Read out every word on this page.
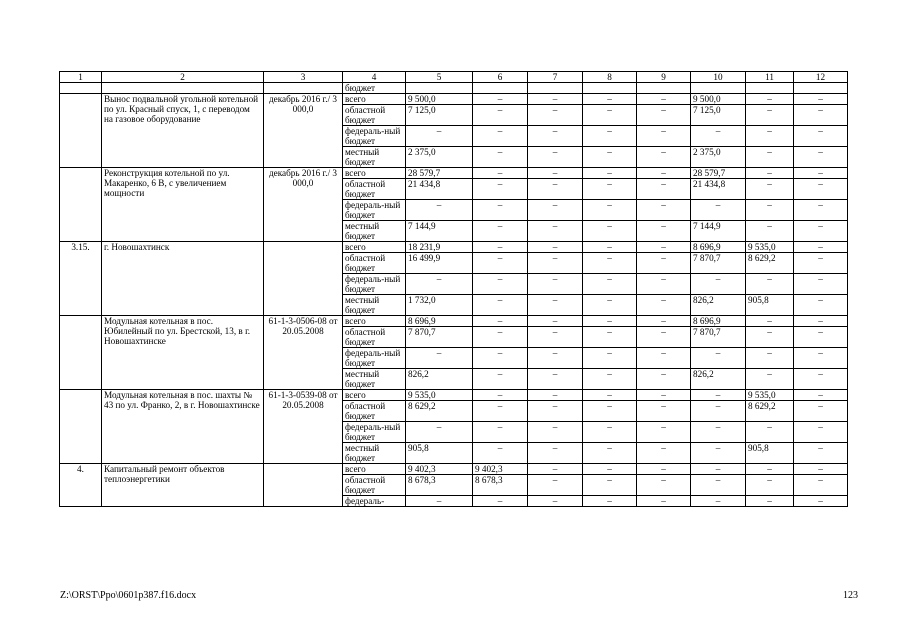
1	2	3	4	5	6	7	8	9	10	11	12
			бюджет								
	Вынос подвальной угольной котельной по ул. Красный спуск, 1, с переводом на газовое оборудование	декабрь 2016 г./ 3 000,0	всего	9 500,0	–	–	–	–	9 500,0	–	–
			областной бюджет	7 125,0	–	–	–	–	7 125,0	–	–
			федераль-ный бюджет	–	–	–	–	–	–	–	–
			местный бюджет	2 375,0	–	–	–	–	2 375,0	–	–
	Реконструкция котельной по ул. Макаренко, 6 В, с увеличением мощности	декабрь 2016 г./ 3 000,0	всего	28 579,7	–	–	–	–	28 579,7	–	–
			областной бюджет	21 434,8	–	–	–	–	21 434,8	–	–
			федераль-ный бюджет	–	–	–	–	–	–	–	–
			местный бюджет	7 144,9	–	–	–	–	7 144,9	–	–
3.15.	г. Новошахтинск		всего	18 231,9	–	–	–	–	8 696,9	9 535,0	–
			областной бюджет	16 499,9	–	–	–	–	7 870,7	8 629,2	–
			федераль-ный бюджет	–	–	–	–	–	–	–	–
			местный бюджет	1 732,0	–	–	–	–	826,2	905,8	–
	Модульная котельная в пос. Юбилейный по ул. Брестской, 13, в г. Новошахтинске	61-1-3-0506-08 от 20.05.2008	всего	8 696,9	–	–	–	–	8 696,9	–	–
			областной бюджет	7 870,7	–	–	–	–	7 870,7	–	–
			федераль-ный бюджет	–	–	–	–	–	–	–	–
			местный бюджет	826,2	–	–	–	–	826,2	–	–
	Модульная котельная в пос. шахты № 43 по ул. Франко, 2, в г. Новошахтинске	61-1-3-0539-08 от 20.05.2008	всего	9 535,0	–	–	–	–	–	9 535,0	–
			областной бюджет	8 629,2	–	–	–	–	–	8 629,2	–
			федераль-ный бюджет	–	–	–	–	–	–	–	–
			местный бюджет	905,8	–	–	–	–	–	905,8	–
4.	Капитальный ремонт объектов теплоэнергетики		всего	9 402,3	9 402,3	–	–	–	–	–	–
			областной бюджет	8 678,3	8 678,3	–	–	–	–	–	–
			федераль-	–	–	–	–	–	–	–	–
Z:\ORST\Ppo\0601p387.f16.docx	123
